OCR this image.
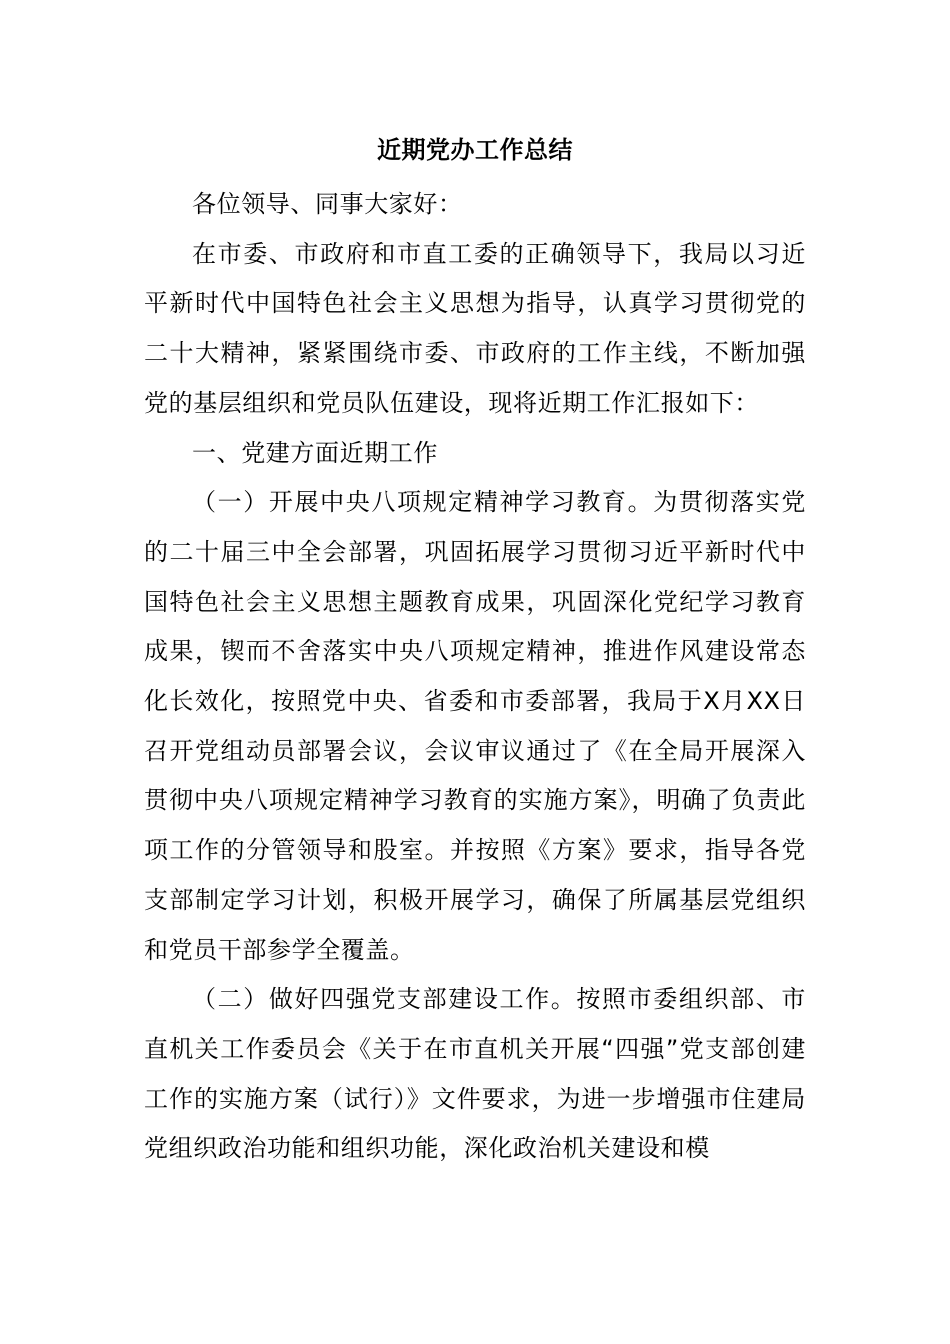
近期党办工作总结

各位领导、同事大家好：

在市委、市政府和市直工委的正确领导下，我局以习近平新时代中国特色社会主义思想为指导，认真学习贯彻党的二十大精神，紧紧围绕市委、市政府的工作主线，不断加强党的基层组织和党员队伍建设，现将近期工作汇报如下：

一、党建方面近期工作

（一）开展中央八项规定精神学习教育。为贯彻落实党的二十届三中全会部署，巩固拓展学习贯彻习近平新时代中国特色社会主义思想主题教育成果，巩固深化党纪学习教育成果，锲而不舍落实中央八项规定精神，推进作风建设常态化长效化，按照党中央、省委和市委部署，我局于X月XX日召开党组动员部署会议，会议审议通过了《在全局开展深入贯彻中央八项规定精神学习教育的实施方案》，明确了负责此项工作的分管领导和股室。并按照《方案》要求，指导各党支部制定学习计划，积极开展学习，确保了所属基层党组织和党员干部参学全覆盖。

（二）做好四强党支部建设工作。按照市委组织部、市直机关工作委员会《关于在市直机关开展“四强”党支部创建工作的实施方案（试行）》文件要求，为进一步增强市住建局党组织政治功能和组织功能，深化政治机关建设和模
